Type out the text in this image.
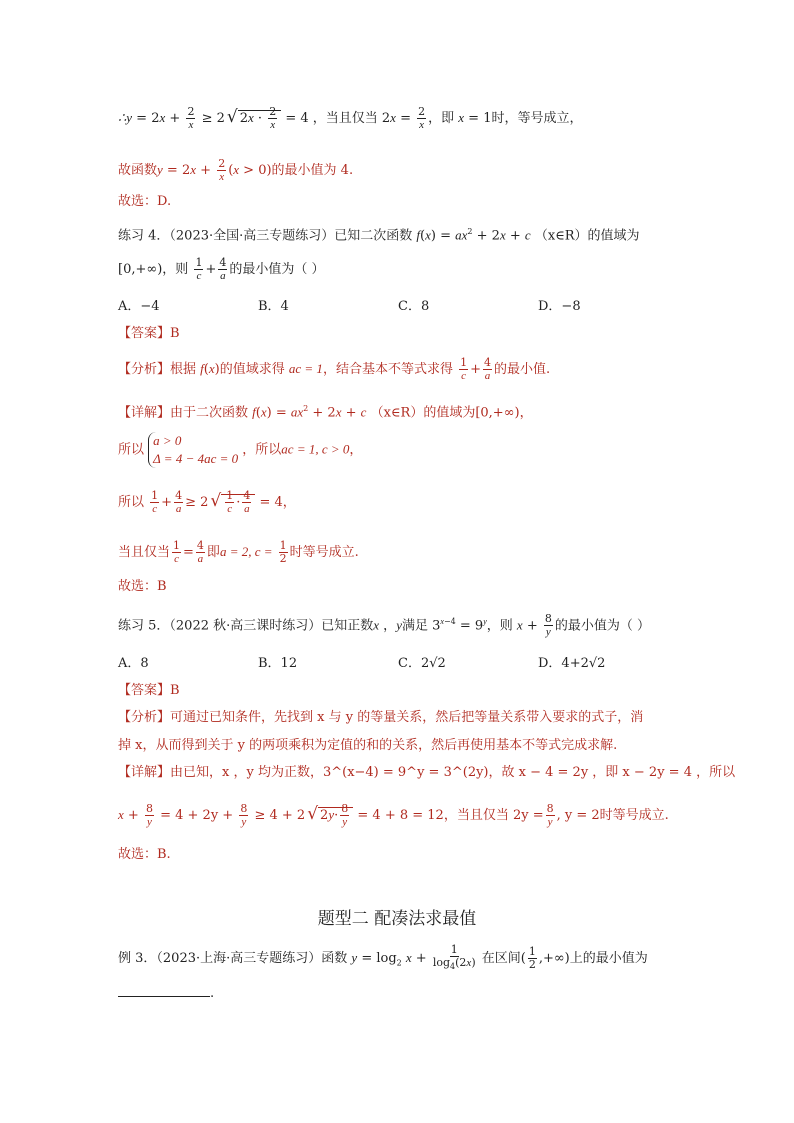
∴y = $2x + \frac{2}{x} \ge 2$ √ $2x \cdot \frac{2}{x} = 4$ ，当且仅当 $2x = \frac{2}{x}$ ，即 x = 1时，等号成立，
故函数$y = 2x + \frac{2}{x} (x > 0)$的最小值为 4.
故选：D.
练习 4．（2023·全国·高三专题练习）已知二次函数 $f(x) = ax^2 + 2x + c$ （x∈R）的值域为
[0,+∞)，则 $\frac{1}{c} + \frac{4}{a}$ 的最小值为（ ）
A．−4	B．4	C．8	D．−8
【答案】B
【分析】根据 f(x)的值域求得 ac = 1，结合基本不等式求得 $\frac{1}{c} + \frac{4}{a}$ 的最小值.
【详解】由于二次函数 $f(x) = ax^2 + 2x + c$ （x∈R）的值域为[0,+∞)，
所以
a > 0
Δ = 4 − 4ac = 0
，所以ac = 1, c > 0，
所以 $\frac{1}{c} + \frac{4}{a} \ge 2$ √ $\frac{1}{c} \cdot \frac{4}{a} = 4$，
当且仅当 $\frac{1}{c} = \frac{4}{a}$ 即a = 2, $c = \frac{1}{2}$ 时等号成立.
故选：B
练习 5．（2022 秋·高三课时练习）已知正数x ，y满足 $3^{x-4} = 9^y$，则 $x + \frac{8}{y}$ 的最小值为（ ）
A．8	B．12	C．2√2	D．4+2√2
【答案】B
【分析】可通过已知条件，先找到 x 与 y 的等量关系，然后把等量关系带入要求的式子，消
掉 x，从而得到关于 y 的两项乘积为定值的和的关系，然后再使用基本不等式完成求解.
【详解】由已知，x ，y 均为正数，3^(x−4) = 9^y = 3^(2y)，故 x − 4 = 2y ，即 x − 2y = 4 ，所以
$x + \frac{8}{y} = 4 + 2y + \frac{8}{y} \ge 4 + 2$ √ $2y\cdot \frac{8}{y} = 4 + 8 = 12$，当且仅当 $2y = \frac{8}{y}$ , y = 2时等号成立.
故选：B.
题型二 配凑法求最值
例 3．（2023·上海·高三专题练习）函数 $y = \log_2 x + \frac{1}{\log_4(2x)}$ 在区间( $\frac{1}{2}$ ,+∞)上的最小值为
.
